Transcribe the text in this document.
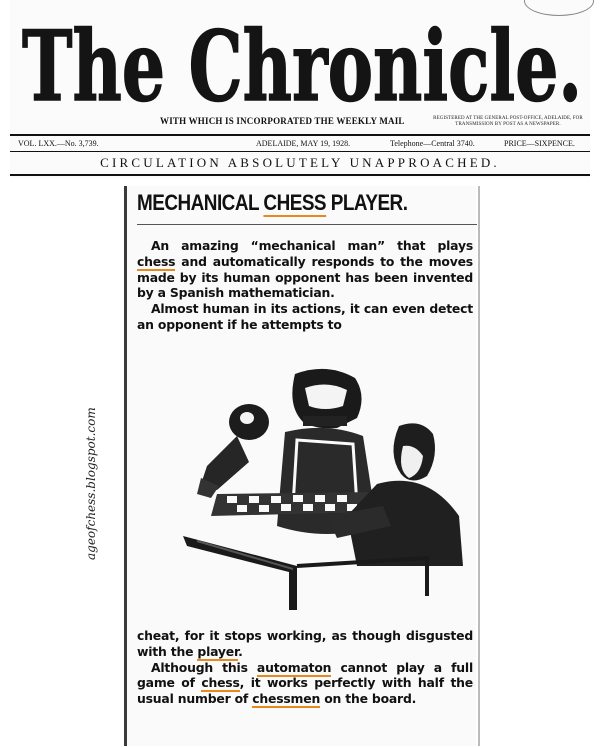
The Chronicle.
WITH WHICH IS INCORPORATED THE WEEKLY MAIL	REGISTERED AT THE GENERAL POST-OFFICE, ADELAIDE, FOR TRANSMISSION BY POST AS A NEWSPAPER.
VOL. LXX.—No. 3,739.	ADELAIDE, MAY 19, 1928.	Telephone—Central 3740.	PRICE—SIXPENCE.
CIRCULATION ABSOLUTELY UNAPPROACHED.
MECHANICAL CHESS PLAYER.

An amazing “mechanical man” that plays chess and automatically responds to the moves made by its human opponent has been invented by a Spanish mathematician.

Almost human in its actions, it can even detect an opponent if he attempts to

cheat, for it stops working, as though disgusted with the player.

Although this automaton cannot play a full game of chess, it works perfectly with half the usual number of chessmen on the board.

ageofchess.blogspot.com
